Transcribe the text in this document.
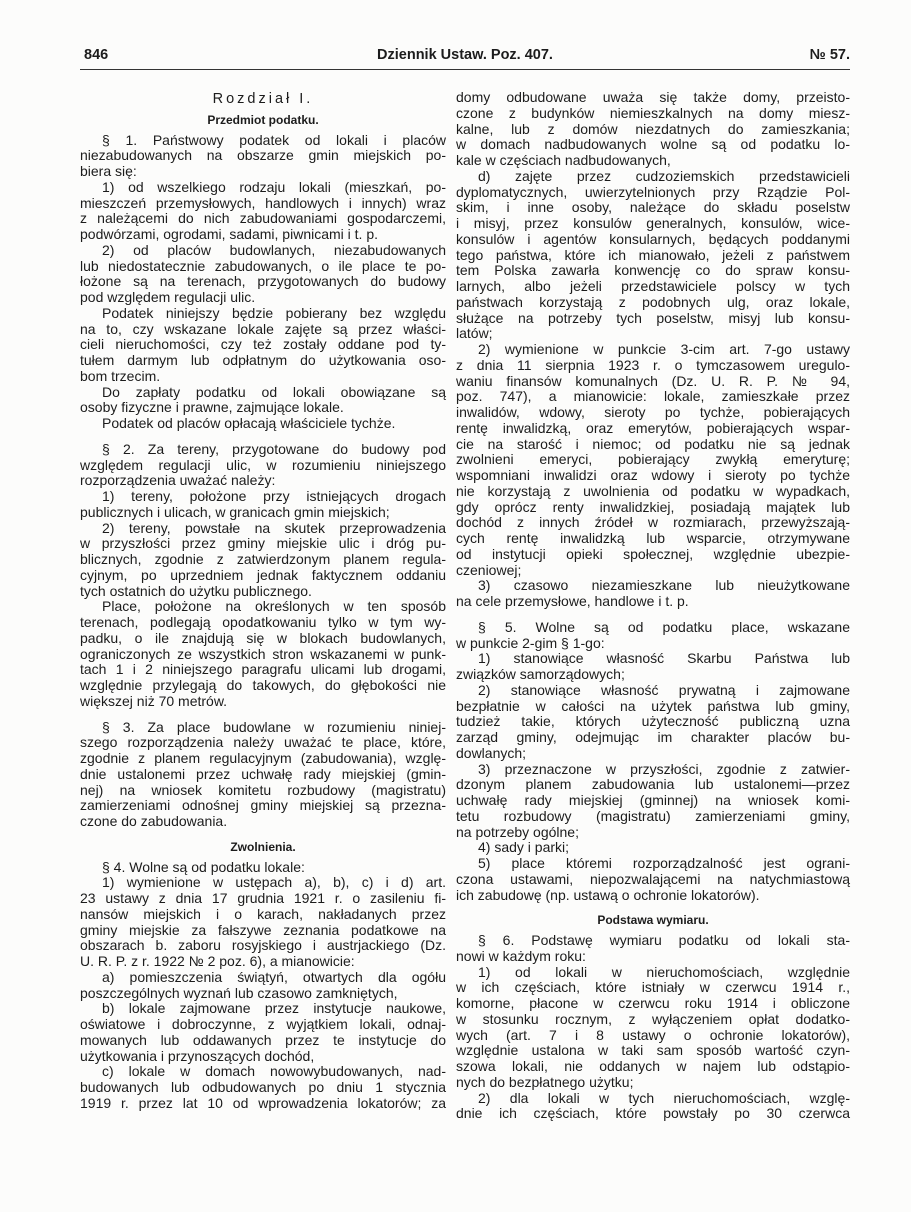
846	Dziennik Ustaw. Poz. 407.	№ 57.
Rozdział I.
Przedmiot podatku.
§ 1. Państwowy podatek od lokali i placów
niezabudowanych na obszarze gmin miejskich po-
biera się:
1) od wszelkiego rodzaju lokali (mieszkań, po-
mieszczeń przemysłowych, handlowych i innych) wraz
z należącemi do nich zabudowaniami gospodarczemi,
podwórzami, ogrodami, sadami, piwnicami i t. p.
2) od placów budowlanych, niezabudowanych
lub niedostatecznie zabudowanych, o ile place te po-
łożone są na terenach, przygotowanych do budowy
pod względem regulacji ulic.
Podatek niniejszy będzie pobierany bez względu
na to, czy wskazane lokale zajęte są przez właści-
cieli nieruchomości, czy też zostały oddane pod ty-
tułem darmym lub odpłatnym do użytkowania oso-
bom trzecim.
Do zapłaty podatku od lokali obowiązane są
osoby fizyczne i prawne, zajmujące lokale.
Podatek od placów opłacają właściciele tychże.
§ 2. Za tereny, przygotowane do budowy pod
względem regulacji ulic, w rozumieniu niniejszego
rozporządzenia uważać należy:
1) tereny, położone przy istniejących drogach
publicznych i ulicach, w granicach gmin miejskich;
2) tereny, powstałe na skutek przeprowadzenia
w przyszłości przez gminy miejskie ulic i dróg pu-
blicznych, zgodnie z zatwierdzonym planem regula-
cyjnym, po uprzedniem jednak faktycznem oddaniu
tych ostatnich do użytku publicznego.
Place, położone na określonych w ten sposób
terenach, podlegają opodatkowaniu tylko w tym wy-
padku, o ile znajdują się w blokach budowlanych,
ograniczonych ze wszystkich stron wskazanemi w punk-
tach 1 i 2 niniejszego paragrafu ulicami lub drogami,
względnie przylegają do takowych, do głębokości nie
większej niż 70 metrów.
§ 3. Za place budowlane w rozumieniu niniej-
szego rozporządzenia należy uważać te place, które,
zgodnie z planem regulacyjnym (zabudowania), wzglę-
dnie ustalonemi przez uchwałę rady miejskiej (gmin-
nej) na wniosek komitetu rozbudowy (magistratu)
zamierzeniami odnośnej gminy miejskiej są przezna-
czone do zabudowania.
Zwolnienia.
§ 4. Wolne są od podatku lokale:
1) wymienione w ustępach a), b), c) i d) art.
23 ustawy z dnia 17 grudnia 1921 r. o zasileniu fi-
nansów miejskich i o karach, nakładanych przez
gminy miejskie za fałszywe zeznania podatkowe na
obszarach b. zaboru rosyjskiego i austrjackiego (Dz.
U. R. P. z r. 1922 № 2 poz. 6), a mianowicie:
a) pomieszczenia świątyń, otwartych dla ogółu
poszczególnych wyznań lub czasowo zamkniętych,
b) lokale zajmowane przez instytucje naukowe,
oświatowe i dobroczynne, z wyjątkiem lokali, odnaj-
mowanych lub oddawanych przez te instytucje do
użytkowania i przynoszących dochód,
c) lokale w domach nowowybudowanych, nad-
budowanych lub odbudowanych po dniu 1 stycznia
1919 r. przez lat 10 od wprowadzenia lokatorów; za
domy odbudowane uważa się także domy, przeisto-
czone z budynków niemieszkalnych na domy miesz-
kalne, lub z domów niezdatnych do zamieszkania;
w domach nadbudowanych wolne są od podatku lo-
kale w częściach nadbudowanych,
d) zajęte przez cudzoziemskich przedstawicieli
dyplomatycznych, uwierzytelnionych przy Rządzie Pol-
skim, i inne osoby, należące do składu poselstw
i misyj, przez konsulów generalnych, konsulów, wice-
konsulów i agentów konsularnych, będących poddanymi
tego państwa, które ich mianowało, jeżeli z państwem
tem Polska zawarła konwencję co do spraw konsu-
larnych, albo jeżeli przedstawiciele polscy w tych
państwach korzystają z podobnych ulg, oraz lokale,
służące na potrzeby tych poselstw, misyj lub konsu-
latów;
2) wymienione w punkcie 3-cim art. 7-go ustawy
z dnia 11 sierpnia 1923 r. o tymczasowem uregulo-
waniu finansów komunalnych (Dz. U. R. P. № 94,
poz. 747), a mianowicie: lokale, zamieszkałe przez
inwalidów, wdowy, sieroty po tychże, pobierających
rentę inwalidzką, oraz emerytów, pobierających wspar-
cie na starość i niemoc; od podatku nie są jednak
zwolnieni emeryci, pobierający zwykłą emeryturę;
wspomniani inwalidzi oraz wdowy i sieroty po tychże
nie korzystają z uwolnienia od podatku w wypadkach,
gdy oprócz renty inwalidzkiej, posiadają majątek lub
dochód z innych źródeł w rozmiarach, przewyższają-
cych rentę inwalidzką lub wsparcie, otrzymywane
od instytucji opieki społecznej, względnie ubezpie-
czeniowej;
3) czasowo niezamieszkane lub nieużytkowane
na cele przemysłowe, handlowe i t. p.
§ 5. Wolne są od podatku place, wskazane
w punkcie 2-gim § 1-go:
1) stanowiące własność Skarbu Państwa lub
związków samorządowych;
2) stanowiące własność prywatną i zajmowane
bezpłatnie w całości na użytek państwa lub gminy,
tudzież takie, których użyteczność publiczną uzna
zarząd gminy, odejmując im charakter placów bu-
dowlanych;
3) przeznaczone w przyszłości, zgodnie z zatwier-
dzonym planem zabudowania lub ustalonemi—przez
uchwałę rady miejskiej (gminnej) na wniosek komi-
tetu rozbudowy (magistratu) zamierzeniami gminy,
na potrzeby ogólne;
4) sady i parki;
5) place któremi rozporządzalność jest ograni-
czona ustawami, niepozwalającemi na natychmiastową
ich zabudowę (np. ustawą o ochronie lokatorów).
Podstawa wymiaru.
§ 6. Podstawę wymiaru podatku od lokali sta-
nowi w każdym roku:
1) od lokali w nieruchomościach, względnie
w ich częściach, które istniały w czerwcu 1914 r.,
komorne, płacone w czerwcu roku 1914 i obliczone
w stosunku rocznym, z wyłączeniem opłat dodatko-
wych (art. 7 i 8 ustawy o ochronie lokatorów),
względnie ustalona w taki sam sposób wartość czyn-
szowa lokali, nie oddanych w najem lub odstąpio-
nych do bezpłatnego użytku;
2) dla lokali w tych nieruchomościach, wzglę-
dnie ich częściach, które powstały po 30 czerwca
